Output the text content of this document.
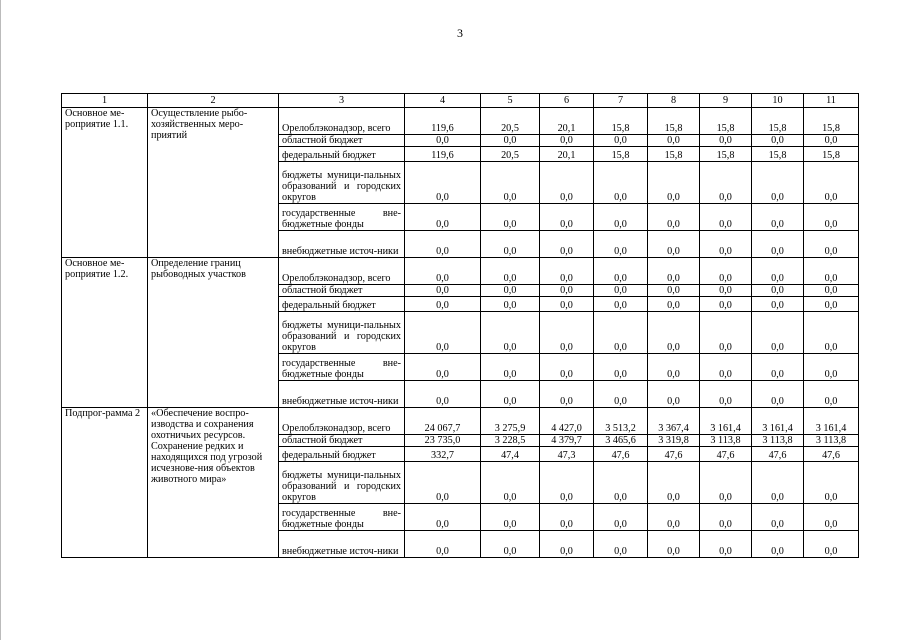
3
1	2	3	4	5	6	7	8	9	10	11
Основное ме-роприятие 1.1.	Осуществление рыбо-хозяйственных меро-приятий	Орелоблэконадзор, всего	119,6	20,5	20,1	15,8	15,8	15,8	15,8	15,8
		областной бюджет	0,0	0,0	0,0	0,0	0,0	0,0	0,0	0,0
		федеральный бюджет	119,6	20,5	20,1	15,8	15,8	15,8	15,8	15,8
		бюджеты муници-пальных образований и городских округов	0,0	0,0	0,0	0,0	0,0	0,0	0,0	0,0
		государственные вне-бюджетные фонды	0,0	0,0	0,0	0,0	0,0	0,0	0,0	0,0
		внебюджетные источ-ники	0,0	0,0	0,0	0,0	0,0	0,0	0,0	0,0
Основное ме-роприятие 1.2.	Определение границ рыбоводных участков	Орелоблэконадзор, всего	0,0	0,0	0,0	0,0	0,0	0,0	0,0	0,0
		областной бюджет	0,0	0,0	0,0	0,0	0,0	0,0	0,0	0,0
		федеральный бюджет	0,0	0,0	0,0	0,0	0,0	0,0	0,0	0,0
		бюджеты муници-пальных образований и городских округов	0,0	0,0	0,0	0,0	0,0	0,0	0,0	0,0
		государственные вне-бюджетные фонды	0,0	0,0	0,0	0,0	0,0	0,0	0,0	0,0
		внебюджетные источ-ники	0,0	0,0	0,0	0,0	0,0	0,0	0,0	0,0
Подпрог-рамма 2	«Обеспечение воспро-изводства и сохранения охотничьих ресурсов. Сохранение редких и находящихся под угрозой исчезнове-ния объектов животного мира»	Орелоблэконадзор, всего	24 067,7	3 275,9	4 427,0	3 513,2	3 367,4	3 161,4	3 161,4	3 161,4
		областной бюджет	23 735,0	3 228,5	4 379,7	3 465,6	3 319,8	3 113,8	3 113,8	3 113,8
		федеральный бюджет	332,7	47,4	47,3	47,6	47,6	47,6	47,6	47,6
		бюджеты муници-пальных образований и городских округов	0,0	0,0	0,0	0,0	0,0	0,0	0,0	0,0
		государственные вне-бюджетные фонды	0,0	0,0	0,0	0,0	0,0	0,0	0,0	0,0
		внебюджетные источ-ники	0,0	0,0	0,0	0,0	0,0	0,0	0,0	0,0
